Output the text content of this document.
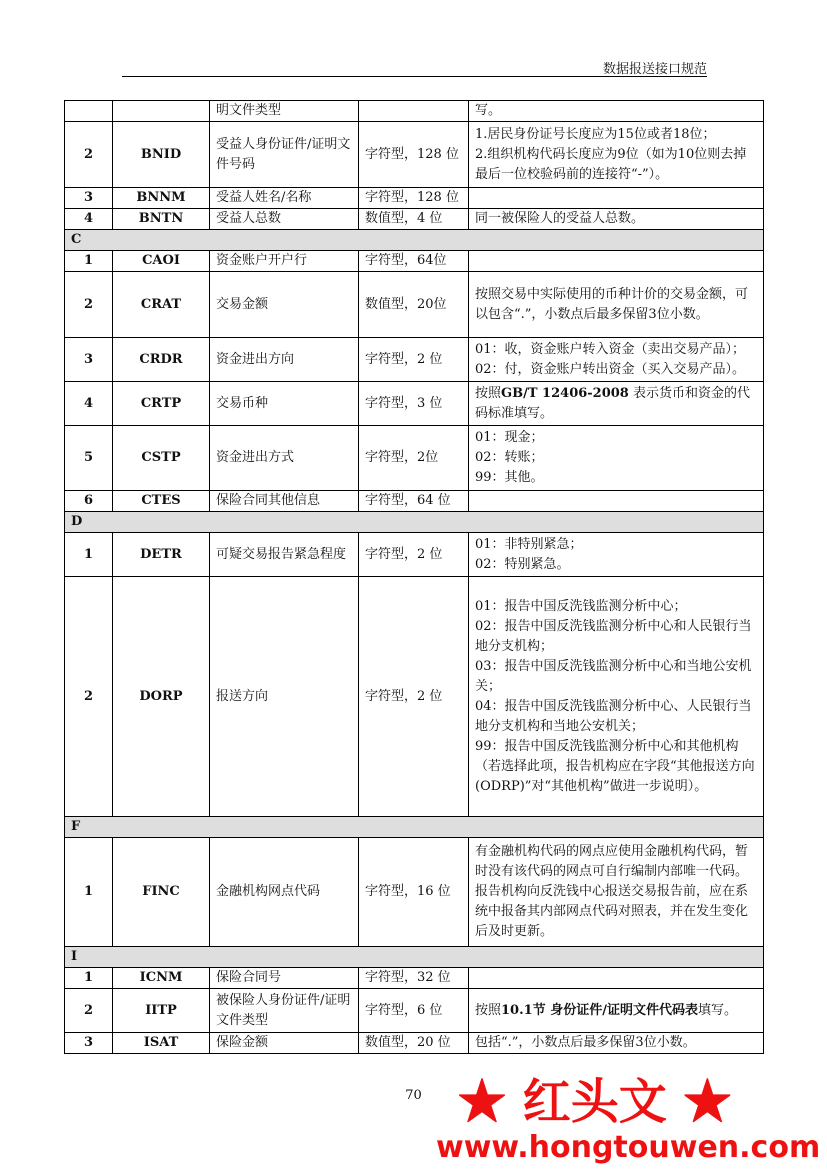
数据报送接口规范
		明文件类型		写。
2	BNID	受益人身份证件/证明文件号码	字符型，128 位	1.居民身份证号长度应为15位或者18位；
2.组织机构代码长度应为9位（如为10位则去掉最后一位校验码前的连接符“-”）。

3	BNNM	受益人姓名/名称	字符型，128 位	
4	BNTN	受益人总数	数值型，4 位	同一被保险人的受益人总数。
C				
1	CAOI	资金账户开户行	字符型，64位	
2	CRAT	交易金额	数值型，20位	按照交易中实际使用的币种计价的交易金额，可以包含“.”，小数点后最多保留3位小数。
3	CRDR	资金进出方向	字符型，2 位	01：收，资金账户转入资金（卖出交易产品）；
02：付，资金账户转出资金（买入交易产品）。

4	CRTP	交易币种	字符型，3 位	按照GB/T 12406-2008 表示货币和资金的代码标准填写。
5	CSTP	资金进出方式	字符型，2位	01：现金；
02：转账；
99：其他。

6	CTES	保险合同其他信息	字符型，64 位	
D				
1	DETR	可疑交易报告紧急程度	字符型，2 位	01：非特别紧急；
02：特别紧急。

2	DORP	报送方向	字符型，2 位	01：报告中国反洗钱监测分析中心；
02：报告中国反洗钱监测分析中心和人民银行当地分支机构；
03：报告中国反洗钱监测分析中心和当地公安机关；
04：报告中国反洗钱监测分析中心、人民银行当地分支机构和当地公安机关；
99：报告中国反洗钱监测分析中心和其他机构（若选择此项，报告机构应在字段“其他报送方向(ODRP)”对“其他机构”做进一步说明）。

F				
1	FINC	金融机构网点代码	字符型，16 位	有金融机构代码的网点应使用金融机构代码，暂时没有该代码的网点可自行编制内部唯一代码。报告机构向反洗钱中心报送交易报告前，应在系统中报备其内部网点代码对照表，并在发生变化后及时更新。
I				
1	ICNM	保险合同号	字符型，32 位	
2	IITP	被保险人身份证件/证明文件类型	字符型，6 位	按照10.1节 身份证件/证明文件代码表填写。
3	ISAT	保险金额	数值型，20 位	包括“.”，小数点后最多保留3位小数。
70 ★ 红头文 ★
www.hongtouwen.com
